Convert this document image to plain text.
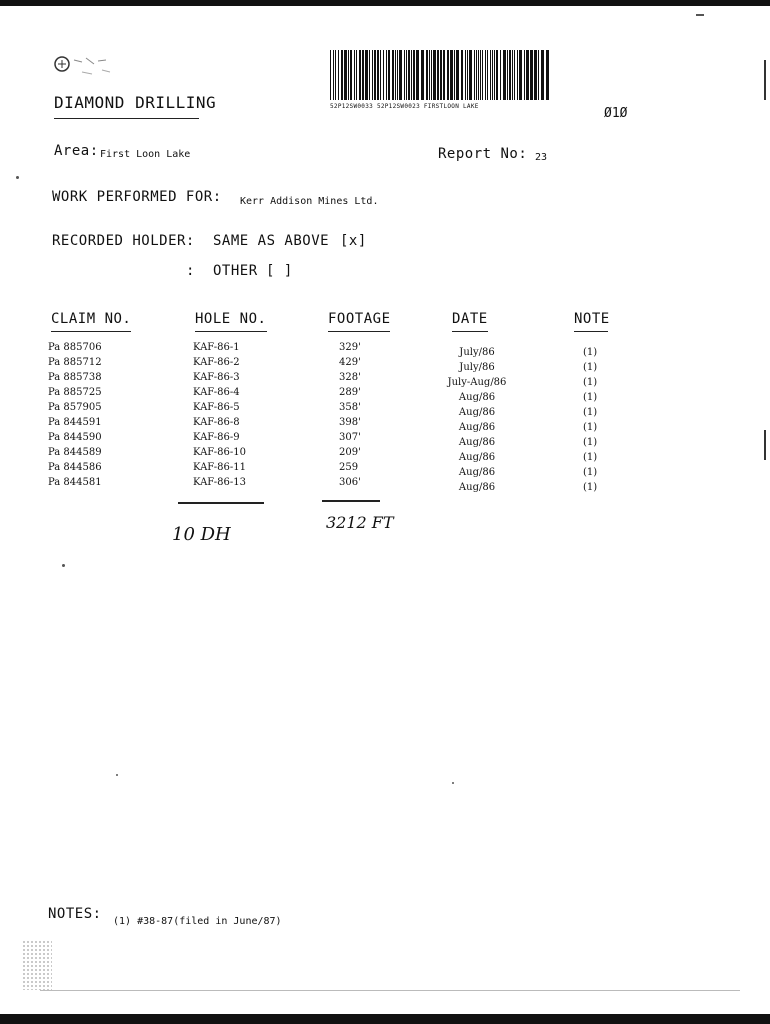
DIAMOND DRILLING	52P12SW0033 52P12SW0023 FIRSTLOON LAKE	Ø1Ø
Area: First Loon Lake	Report No: 23
WORK PERFORMED FOR: Kerr Addison Mines Ltd.
RECORDED HOLDER: SAME AS ABOVE [x]
: OTHER [ ]
CLAIM NO.	HOLE NO.	FOOTAGE	DATE	NOTE
Pa 885706	KAF-86-1	329'	July/86	(1)
Pa 885712	KAF-86-2	429'	July/86	(1)
Pa 885738	KAF-86-3	328'	July-Aug/86	(1)
Pa 885725	KAF-86-4	289'	Aug/86	(1)
Pa 857905	KAF-86-5	358'	Aug/86	(1)
Pa 844591	KAF-86-8	398'	Aug/86	(1)
Pa 844590	KAF-86-9	307'	Aug/86	(1)
Pa 844589	KAF-86-10	209'	Aug/86	(1)
Pa 844586	KAF-86-11	259	Aug/86	(1)
Pa 844581	KAF-86-13	306'	Aug/86	(1)
10 DH
3212 FT
NOTES: (1) #38-87(filed in June/87)
